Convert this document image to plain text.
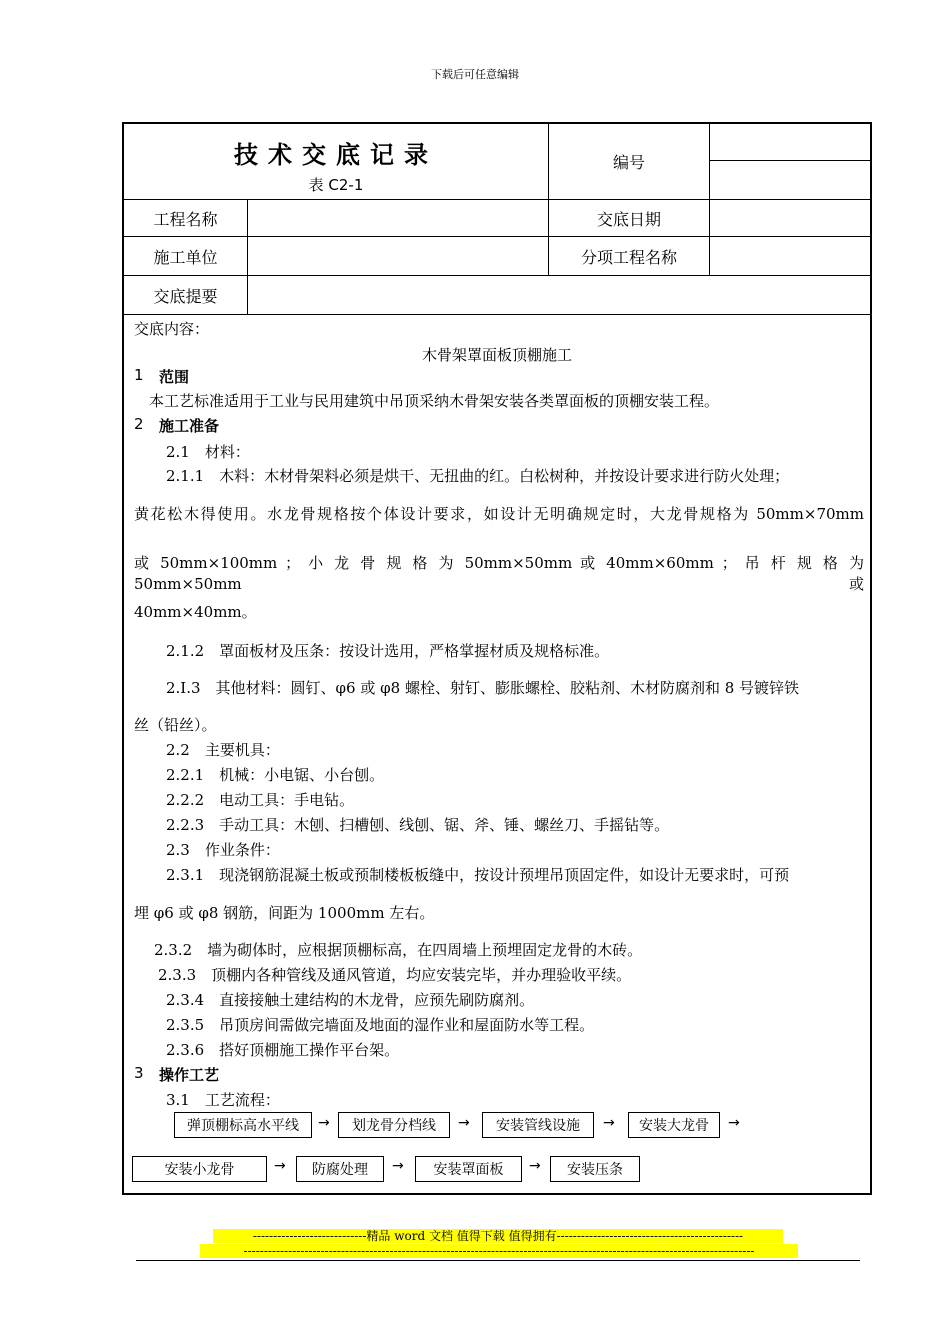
下载后可任意编辑
技术交底记录
表 C2-1
编号
工程名称	交底日期
施工单位	分项工程名称
交底提要
交底内容：
木骨架罩面板顶棚施工
1 范围
本工艺标准适用于工业与民用建筑中吊顶采纳木骨架安装各类罩面板的顶棚安装工程。
2 施工准备
2.1　材料：
2.1.1　木料：木材骨架料必须是烘干、无扭曲的红。白松树种，并按设计要求进行防火处理；
黄花松木得使用。水龙骨规格按个体设计要求，如设计无明确规定时，大龙骨规格为 50mm×70mm
或 50mm×100mm ； 小 龙 骨 规 格 为 50mm×50mm 或 40mm×60mm ； 吊 杆 规 格 为 50mm×50mm 或
40mm×40mm。
2.1.2　罩面板材及压条：按设计选用，严格掌握材质及规格标准。
2.I.3　其他材料：圆钉、φ6 或 φ8 螺栓、射钉、膨胀螺栓、胶粘剂、木材防腐剂和 8 号镀锌铁
丝（铅丝）。
2.2　主要机具：
2.2.1　机械：小电锯、小台刨。
2.2.2　电动工具：手电钻。
2.2.3　手动工具：木刨、扫槽刨、线刨、锯、斧、锤、螺丝刀、手摇钻等。
2.3　作业条件：
2.3.1　现浇钢筋混凝土板或预制楼板板缝中，按设计预埋吊顶固定件，如设计无要求时，可预
埋 φ6 或 φ8 钢筋，间距为 1000mm 左右。
2.3.2　墙为砌体时，应根据顶棚标高，在四周墙上预埋固定龙骨的木砖。
2.3.3　顶棚内各种管线及通风管道，均应安装完毕，并办理验收平续。
2.3.4　直接接触土建结构的木龙骨，应预先刷防腐剂。
2.3.5　吊顶房间需做完墙面及地面的湿作业和屋面防水等工程。
2.3.6　搭好顶棚施工操作平台架。
3 操作工艺
3.1　工艺流程：
弹顶棚标高水平线	→	划龙骨分档线	→	安装管线设施	→	安装大龙骨	→
安装小龙骨	→	防腐处理	→	安装罩面板	→	安装压条
----------------------------精品 word 文档 值得下载 值得拥有----------------------------------------------
------------------------------------------------------------------------------------------------------------------------------
